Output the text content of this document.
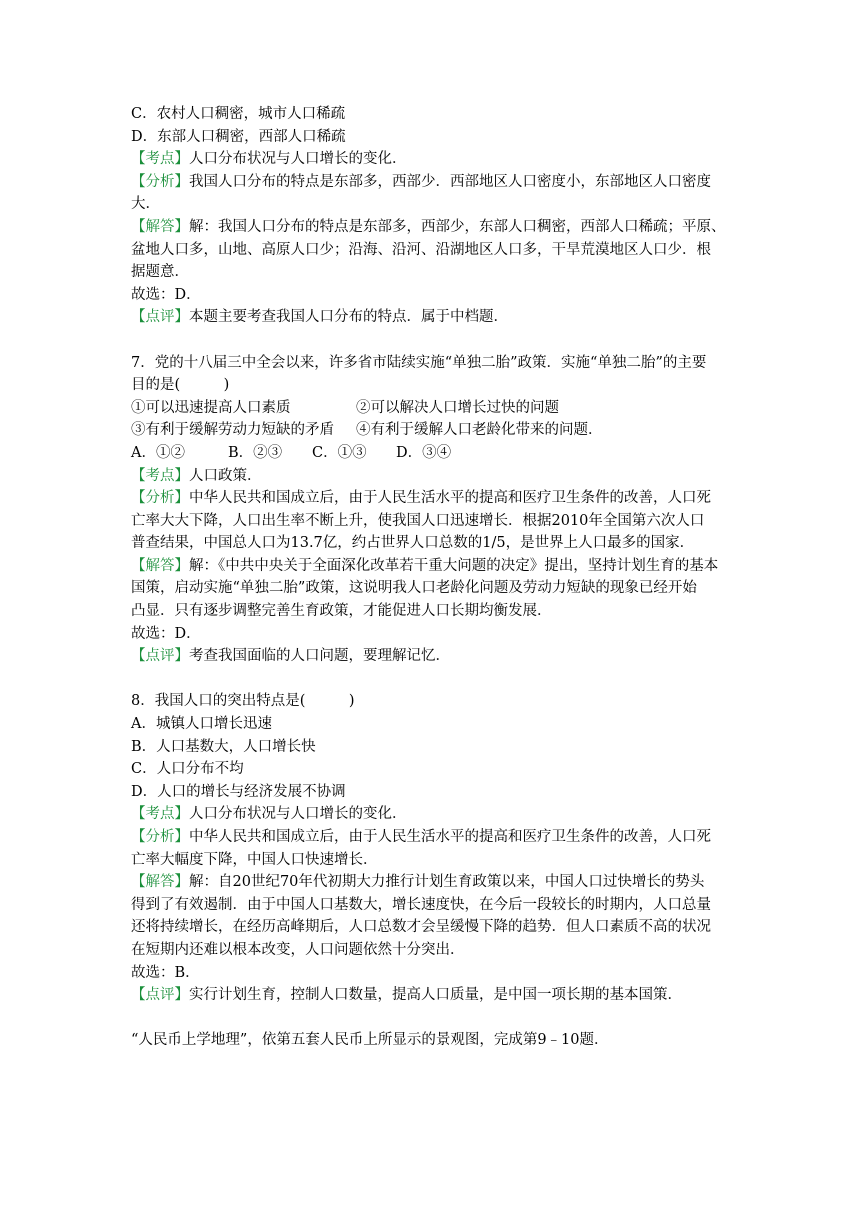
C．农村人口稠密，城市人口稀疏
D．东部人口稠密，西部人口稀疏
【考点】人口分布状况与人口增长的变化．
【分析】我国人口分布的特点是东部多，西部少．西部地区人口密度小，东部地区人口密度
大．
【解答】解：我国人口分布的特点是东部多，西部少，东部人口稠密，西部人口稀疏；平原、
盆地人口多，山地、高原人口少；沿海、沿河、沿湖地区人口多，干旱荒漠地区人口少．根
据题意．
故选：D．
【点评】本题主要考查我国人口分布的特点．属于中档题．
7．党的十八届三中全会以来，许多省市陆续实施“单独二胎”政策．实施“单独二胎”的主要
目的是(　　　)
①可以迅速提高人口素质	②可以解决人口增长过快的问题
③有利于缓解劳动力短缺的矛盾 ④有利于缓解人口老龄化带来的问题．
A．①②	B．②③ C．①③ D．③④
【考点】人口政策．
【分析】中华人民共和国成立后，由于人民生活水平的提高和医疗卫生条件的改善，人口死
亡率大大下降，人口出生率不断上升，使我国人口迅速增长．根据2010年全国第六次人口
普查结果，中国总人口为13.7亿，约占世界人口总数的1/5，是世界上人口最多的国家．
【解答】解：《中共中央关于全面深化改革若干重大问题的决定》提出，坚持计划生育的基本
国策，启动实施“单独二胎”政策，这说明我人口老龄化问题及劳动力短缺的现象已经开始
凸显．只有逐步调整完善生育政策，才能促进人口长期均衡发展．
故选：D．
【点评】考查我国面临的人口问题，要理解记忆．
8．我国人口的突出特点是(　　　)
A．城镇人口增长迅速
B．人口基数大，人口增长快
C．人口分布不均
D．人口的增长与经济发展不协调
【考点】人口分布状况与人口增长的变化．
【分析】中华人民共和国成立后，由于人民生活水平的提高和医疗卫生条件的改善，人口死
亡率大幅度下降，中国人口快速增长．
【解答】解：自20世纪70年代初期大力推行计划生育政策以来，中国人口过快增长的势头
得到了有效遏制．由于中国人口基数大，增长速度快，在今后一段较长的时期内，人口总量
还将持续增长，在经历高峰期后，人口总数才会呈缓慢下降的趋势．但人口素质不高的状况
在短期内还难以根本改变，人口问题依然十分突出．
故选：B．
【点评】实行计划生育，控制人口数量，提高人口质量，是中国一项长期的基本国策．
“人民币上学地理”，依第五套人民币上所显示的景观图，完成第9﹣10题．
